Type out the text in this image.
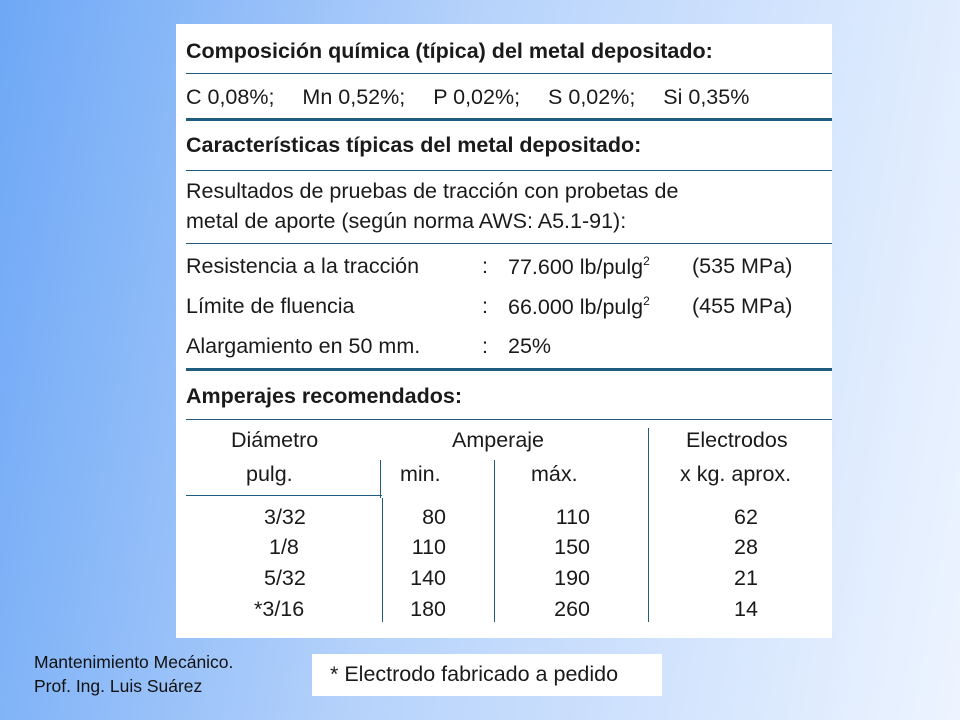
Composición química (típica) del metal depositado:
C 0,08%; Mn 0,52%; P 0,02%; S 0,02%; Si 0,35%
Características típicas del metal depositado:
Resultados de pruebas de tracción con probetas de
metal de aporte (según norma AWS: A5.1-91):
Resistencia a la tracción	: 77.600 lb/pulg$^2$ (535 MPa)
Límite de fluencia	: 66.000 lb/pulg$^2$ (455 MPa)
Alargamiento en 50 mm.	: 25%
Amperajes recomendados:
Diámetro	Amperaje	Electrodos
pulg.	min.	máx.	x kg. aprox.
3/32	80	110	62
1/8	110	150	28
5/32	140	190	21
*3/16	180	260	14
Mantenimiento Mecánico.
Prof. Ing. Luis Suárez	* Electrodo fabricado a pedido
